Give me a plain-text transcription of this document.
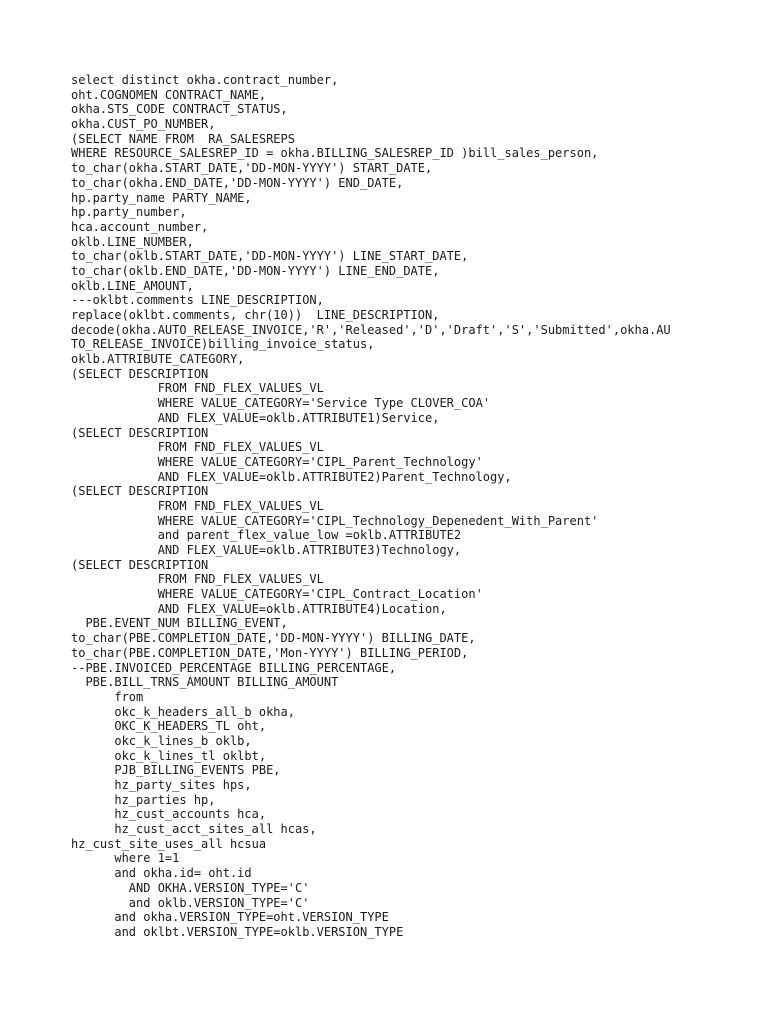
select distinct okha.contract_number,
oht.COGNOMEN CONTRACT_NAME,
okha.STS_CODE CONTRACT_STATUS,
okha.CUST_PO_NUMBER,
(SELECT NAME FROM  RA_SALESREPS
WHERE RESOURCE_SALESREP_ID = okha.BILLING_SALESREP_ID )bill_sales_person,
to_char(okha.START_DATE,'DD-MON-YYYY') START_DATE,
to_char(okha.END_DATE,'DD-MON-YYYY') END_DATE,
hp.party_name PARTY_NAME,
hp.party_number,
hca.account_number,
oklb.LINE_NUMBER,
to_char(oklb.START_DATE,'DD-MON-YYYY') LINE_START_DATE,
to_char(oklb.END_DATE,'DD-MON-YYYY') LINE_END_DATE,
oklb.LINE_AMOUNT,
---oklbt.comments LINE_DESCRIPTION,
replace(oklbt.comments, chr(10))  LINE_DESCRIPTION,
decode(okha.AUTO_RELEASE_INVOICE,'R','Released','D','Draft','S','Submitted',okha.AU
TO_RELEASE_INVOICE)billing_invoice_status,
oklb.ATTRIBUTE_CATEGORY,
(SELECT DESCRIPTION
FROM FND_FLEX_VALUES_VL
WHERE VALUE_CATEGORY='Service Type CLOVER_COA'
AND FLEX_VALUE=oklb.ATTRIBUTE1)Service,
(SELECT DESCRIPTION
FROM FND_FLEX_VALUES_VL
WHERE VALUE_CATEGORY='CIPL_Parent_Technology'
AND FLEX_VALUE=oklb.ATTRIBUTE2)Parent_Technology,
(SELECT DESCRIPTION
FROM FND_FLEX_VALUES_VL
WHERE VALUE_CATEGORY='CIPL_Technology_Depenedent_With_Parent'
and parent_flex_value_low =oklb.ATTRIBUTE2
AND FLEX_VALUE=oklb.ATTRIBUTE3)Technology,
(SELECT DESCRIPTION
FROM FND_FLEX_VALUES_VL
WHERE VALUE_CATEGORY='CIPL_Contract_Location'
AND FLEX_VALUE=oklb.ATTRIBUTE4)Location,
PBE.EVENT_NUM BILLING_EVENT,
to_char(PBE.COMPLETION_DATE,'DD-MON-YYYY') BILLING_DATE,
to_char(PBE.COMPLETION_DATE,'Mon-YYYY') BILLING_PERIOD,
--PBE.INVOICED_PERCENTAGE BILLING_PERCENTAGE,
PBE.BILL_TRNS_AMOUNT BILLING_AMOUNT
from
okc_k_headers_all_b okha,
OKC_K_HEADERS_TL oht,
okc_k_lines_b oklb,
okc_k_lines_tl oklbt,
PJB_BILLING_EVENTS PBE,
hz_party_sites hps,
hz_parties hp,
hz_cust_accounts hca,
hz_cust_acct_sites_all hcas,
hz_cust_site_uses_all hcsua
where 1=1
and okha.id= oht.id
AND OKHA.VERSION_TYPE='C'
and oklb.VERSION_TYPE='C'
and okha.VERSION_TYPE=oht.VERSION_TYPE
and oklbt.VERSION_TYPE=oklb.VERSION_TYPE
